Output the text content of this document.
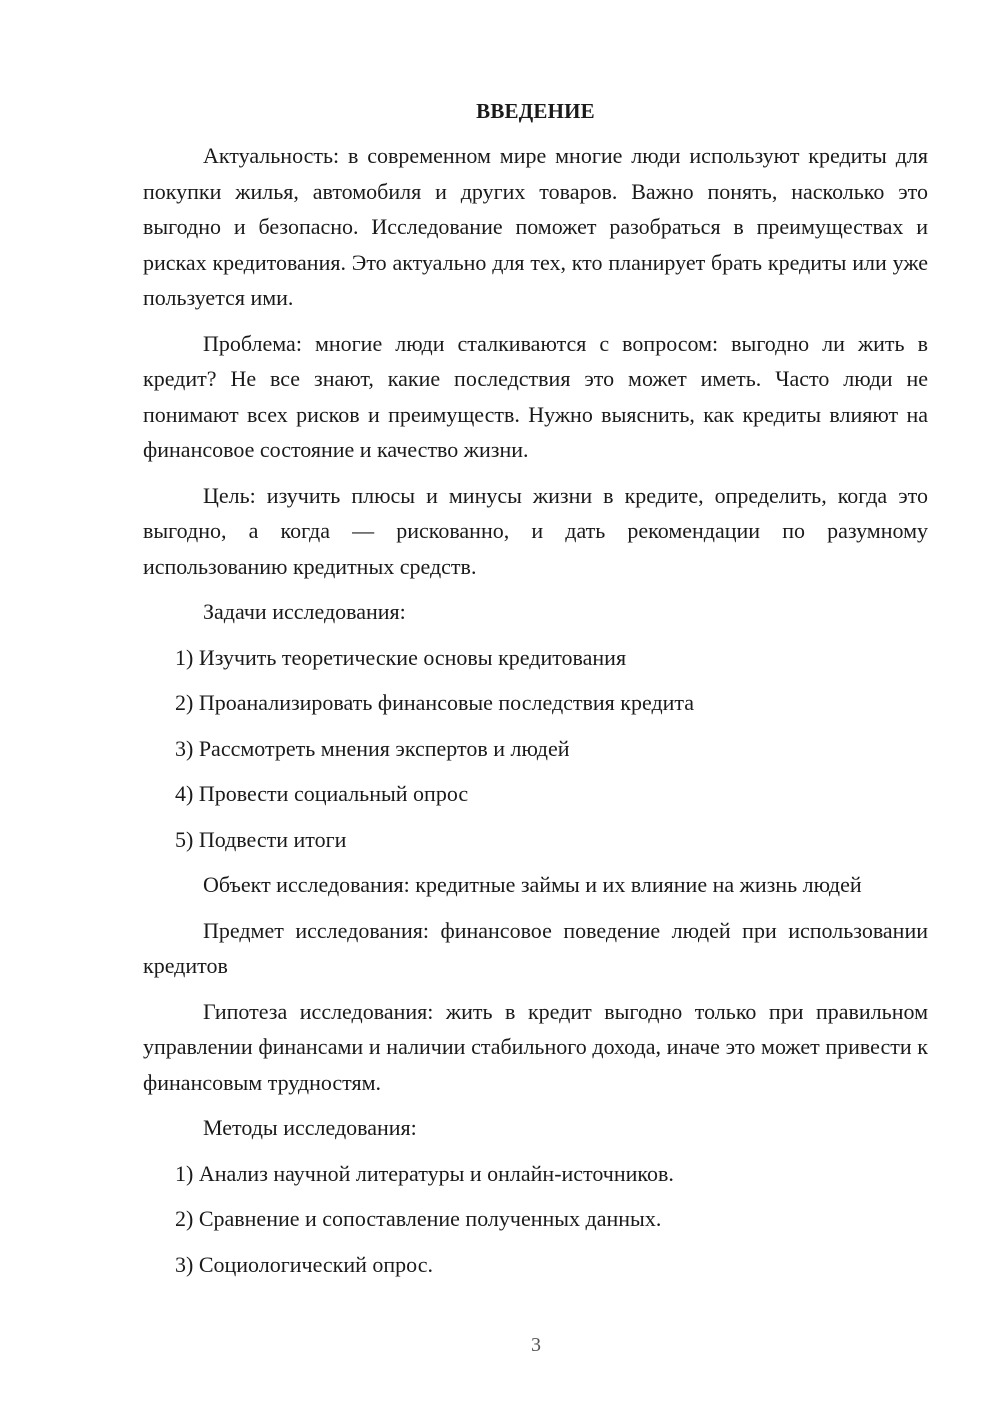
ВВЕДЕНИЕ

Актуальность: в современном мире многие люди используют кредиты для покупки жилья, автомобиля и других товаров. Важно понять, насколько это выгодно и безопасно. Исследование поможет разобраться в преимуществах и рисках кредитования. Это актуально для тех, кто планирует брать кредиты или уже пользуется ими.

Проблема: многие люди сталкиваются с вопросом: выгодно ли жить в кредит? Не все знают, какие последствия это может иметь. Часто люди не понимают всех рисков и преимуществ. Нужно выяснить, как кредиты влияют на финансовое состояние и качество жизни.

Цель: изучить плюсы и минусы жизни в кредите, определить, когда это выгодно, а когда — рискованно, и дать рекомендации по разумному использованию кредитных средств.

Задачи исследования:

1) Изучить теоретические основы кредитования
2) Проанализировать финансовые последствия кредита
3) Рассмотреть мнения экспертов и людей
4) Провести социальный опрос
5) Подвести итоги

Объект исследования: кредитные займы и их влияние на жизнь людей

Предмет исследования: финансовое поведение людей при использовании кредитов

Гипотеза исследования: жить в кредит выгодно только при правильном управлении финансами и наличии стабильного дохода, иначе это может привести к финансовым трудностям.

Методы исследования:

1) Анализ научной литературы и онлайн-источников.
2) Сравнение и сопоставление полученных данных.
3) Социологический опрос.
3
